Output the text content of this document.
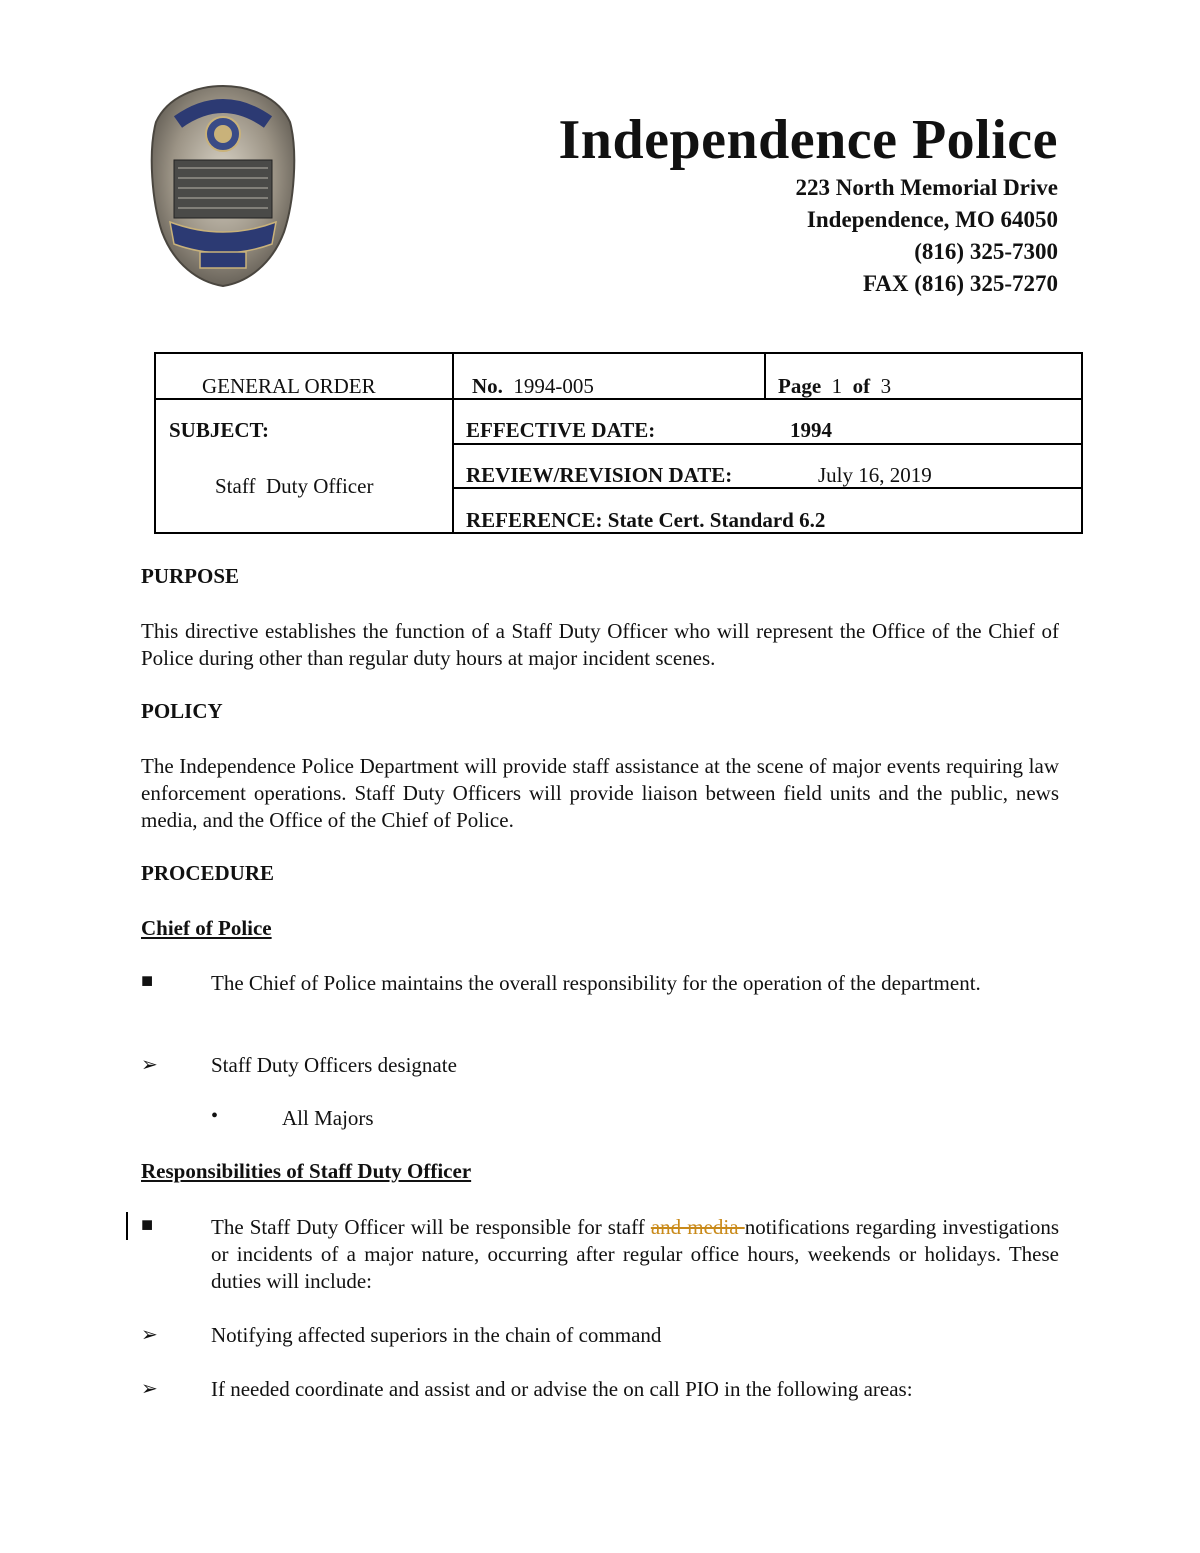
Independence Police
223 North Memorial Drive
Independence, MO 64050
(816) 325-7300
FAX (816) 325-7270
GENERAL ORDER	No. 1994-005	Page 1 of 3
SUBJECT:
Staff  Duty Officer
EFFECTIVE DATE:	1994
REVIEW/REVISION DATE:	July 16, 2019
REFERENCE: State Cert. Standard 6.2
PURPOSE
This directive establishes the function of a Staff Duty Officer who will represent the Office of the Chief of Police during other than regular duty hours at major incident scenes.
POLICY
The Independence Police Department will provide staff assistance at the scene of major events requiring law enforcement operations. Staff Duty Officers will provide liaison between field units and the public, news media, and the Office of the Chief of Police.
PROCEDURE
Chief of Police
■	The Chief of Police maintains the overall responsibility for the operation of the department.
➢	Staff Duty Officers designate
•	All Majors
Responsibilities of Staff Duty Officer
■	The Staff Duty Officer will be responsible for staff and media notifications regarding investigations or incidents of a major nature, occurring after regular office hours, weekends or holidays. These duties will include:
➢	Notifying affected superiors in the chain of command
➢	If needed coordinate and assist and or advise the on call PIO in the following areas:
